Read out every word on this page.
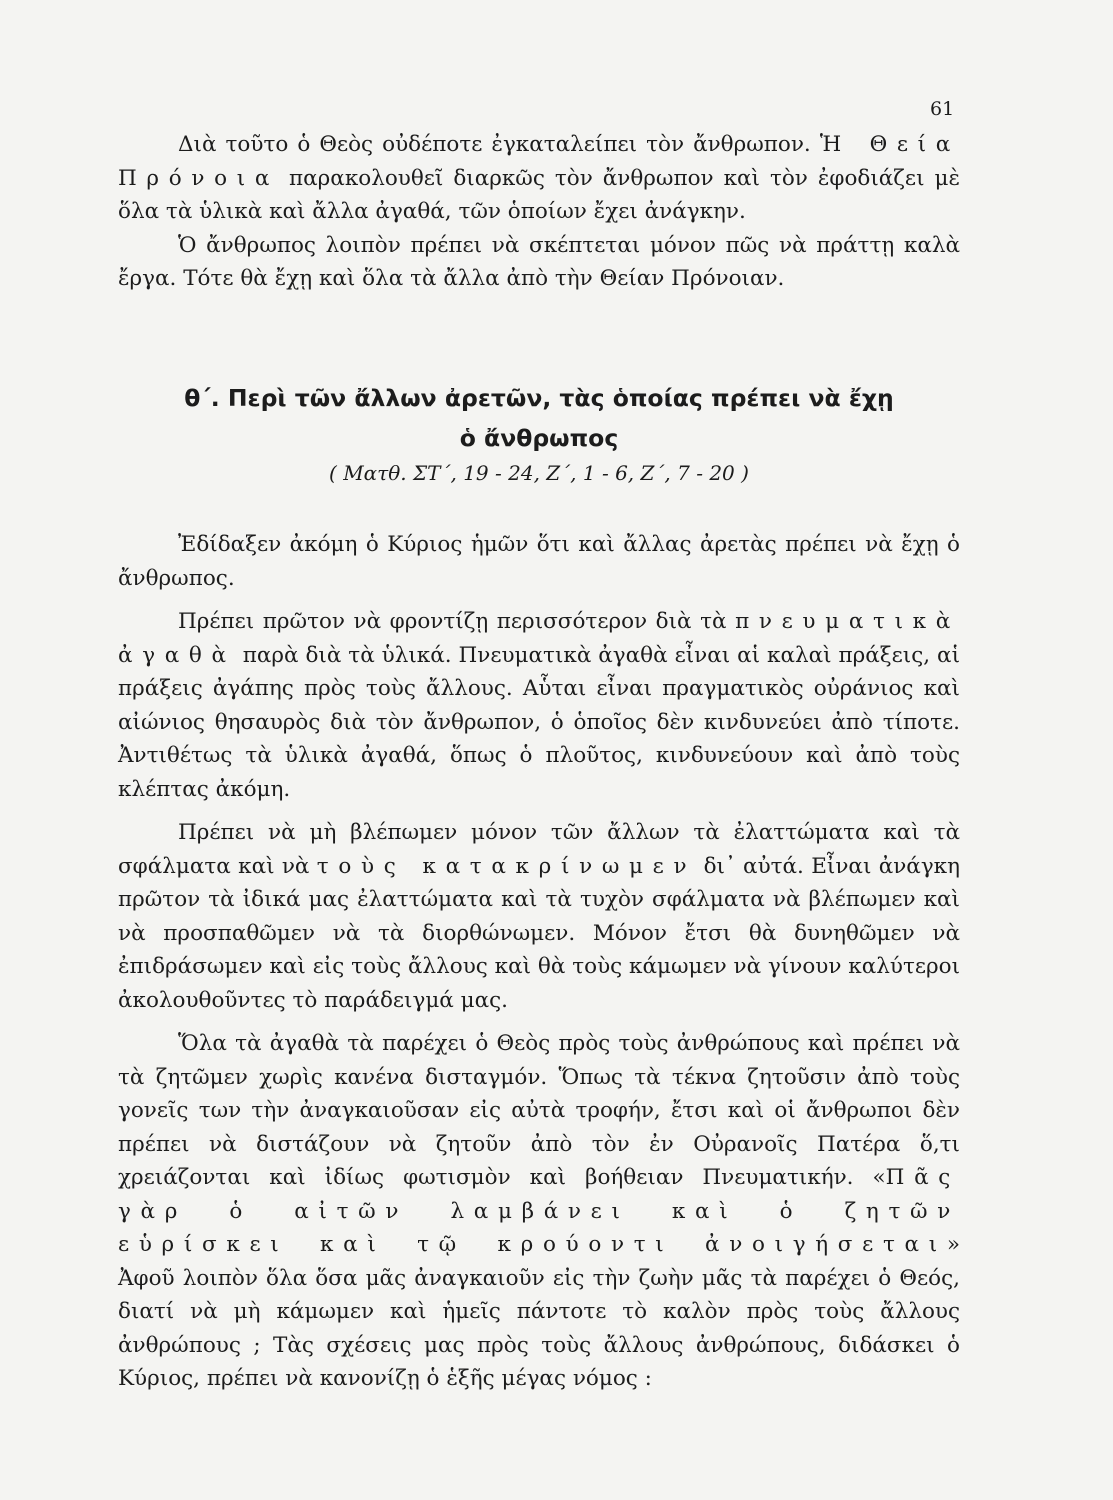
61

Διὰ τοῦτο ὁ Θεὸς οὐδέποτε ἐγκαταλείπει τὸν ἄνθρωπον. Ἡ Θεία Πρόνοια παρακολουθεῖ διαρκῶς τὸν ἄνθρωπον καὶ τὸν ἐφοδιάζει μὲ ὅλα τὰ ὑλικὰ καὶ ἄλλα ἀγαθά, τῶν ὁποίων ἔχει ἀνάγκην.

Ὁ ἄνθρωπος λοιπὸν πρέπει νὰ σκέπτεται μόνον πῶς νὰ πράττῃ καλὰ ἔργα. Τότε θὰ ἔχῃ καὶ ὅλα τὰ ἄλλα ἀπὸ τὴν Θείαν Πρόνοιαν.

θ΄. Περὶ τῶν ἄλλων ἀρετῶν, τὰς ὁποίας πρέπει νὰ ἔχῃ
ὁ ἄνθρωπος
( Ματθ. ΣΤ΄, 19 - 24, Ζ΄, 1 - 6, Ζ΄, 7 - 20 )

Ἐδίδαξεν ἀκόμη ὁ Κύριος ἡμῶν ὅτι καὶ ἄλλας ἀρετὰς πρέπει νὰ ἔχῃ ὁ ἄνθρωπος.

Πρέπει πρῶτον νὰ φροντίζῃ περισσότερον διὰ τὰ πνευματικὰ ἀγαθὰ παρὰ διὰ τὰ ὑλικά. Πνευματικὰ ἀγαθὰ εἶναι αἱ καλαὶ πράξεις, αἱ πράξεις ἀγάπης πρὸς τοὺς ἄλλους. Αὗται εἶναι πραγματικὸς οὐράνιος καὶ αἰώνιος θησαυρὸς διὰ τὸν ἄνθρωπον, ὁ ὁποῖος δὲν κινδυνεύει ἀπὸ τίποτε. Ἀντιθέτως τὰ ὑλικὰ ἀγαθά, ὅπως ὁ πλοῦτος, κινδυνεύουν καὶ ἀπὸ τοὺς κλέπτας ἀκόμη.

Πρέπει νὰ μὴ βλέπωμεν μόνον τῶν ἄλλων τὰ ἐλαττώματα καὶ τὰ σφάλματα καὶ νὰ τοὺς κατακρίνωμεν δι᾿ αὐτά. Εἶναι ἀνάγκη πρῶτον τὰ ἰδικά μας ἐλαττώματα καὶ τὰ τυχὸν σφάλματα νὰ βλέπωμεν καὶ νὰ προσπαθῶμεν νὰ τὰ διορθώνωμεν. Μόνον ἔτσι θὰ δυνηθῶμεν νὰ ἐπιδράσωμεν καὶ εἰς τοὺς ἄλλους καὶ θὰ τοὺς κάμωμεν νὰ γίνουν καλύτεροι ἀκολουθοῦντες τὸ παράδειγμά μας.

Ὅλα τὰ ἀγαθὰ τὰ παρέχει ὁ Θεὸς πρὸς τοὺς ἀνθρώπους καὶ πρέπει νὰ τὰ ζητῶμεν χωρὶς κανένα δισταγμόν. Ὅπως τὰ τέκνα ζητοῦσιν ἀπὸ τοὺς γονεῖς των τὴν ἀναγκαιοῦσαν εἰς αὐτὰ τροφήν, ἔτσι καὶ οἱ ἄνθρωποι δὲν πρέπει νὰ διστάζουν νὰ ζητοῦν ἀπὸ τὸν ἐν Οὐρανοῖς Πατέρα ὅ,τι χρειάζονται καὶ ἰδίως φωτισμὸν καὶ βοήθειαν Πνευματικήν. «Πᾶς γὰρ ὁ αἰτῶν λαμβάνει καὶ ὁ ζητῶν εὑρίσκει καὶ τῷ κρούοντι ἀνοιγήσεται» Ἀφοῦ λοιπὸν ὅλα ὅσα μᾶς ἀναγκαιοῦν εἰς τὴν ζωὴν μᾶς τὰ παρέχει ὁ Θεός, διατί νὰ μὴ κάμωμεν καὶ ἡμεῖς πάντοτε τὸ καλὸν πρὸς τοὺς ἄλλους ἀνθρώπους ; Τὰς σχέσεις μας πρὸς τοὺς ἄλλους ἀνθρώπους, διδάσκει ὁ Κύριος, πρέπει νὰ κανονίζῃ ὁ ἑξῆς μέγας νόμος :
